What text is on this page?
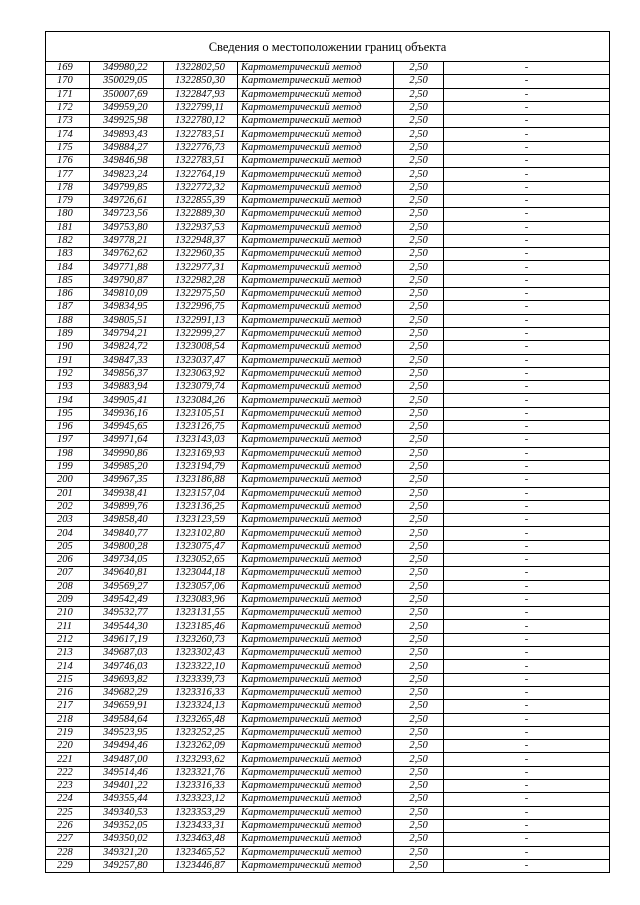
Сведения о местоположении границ объекта					
169	349980,22	1322802,50	Картометрический метод	2,50	-
170	350029,05	1322850,30	Картометрический метод	2,50	-
171	350007,69	1322847,93	Картометрический метод	2,50	-
172	349959,20	1322799,11	Картометрический метод	2,50	-
173	349925,98	1322780,12	Картометрический метод	2,50	-
174	349893,43	1322783,51	Картометрический метод	2,50	-
175	349884,27	1322776,73	Картометрический метод	2,50	-
176	349846,98	1322783,51	Картометрический метод	2,50	-
177	349823,24	1322764,19	Картометрический метод	2,50	-
178	349799,85	1322772,32	Картометрический метод	2,50	-
179	349726,61	1322855,39	Картометрический метод	2,50	-
180	349723,56	1322889,30	Картометрический метод	2,50	-
181	349753,80	1322937,53	Картометрический метод	2,50	-
182	349778,21	1322948,37	Картометрический метод	2,50	-
183	349762,62	1322960,35	Картометрический метод	2,50	-
184	349771,88	1322977,31	Картометрический метод	2,50	-
185	349790,87	1322982,28	Картометрический метод	2,50	-
186	349810,09	1322975,50	Картометрический метод	2,50	-
187	349834,95	1322996,75	Картометрический метод	2,50	-
188	349805,51	1322991,13	Картометрический метод	2,50	-
189	349794,21	1322999,27	Картометрический метод	2,50	-
190	349824,72	1323008,54	Картометрический метод	2,50	-
191	349847,33	1323037,47	Картометрический метод	2,50	-
192	349856,37	1323063,92	Картометрический метод	2,50	-
193	349883,94	1323079,74	Картометрический метод	2,50	-
194	349905,41	1323084,26	Картометрический метод	2,50	-
195	349936,16	1323105,51	Картометрический метод	2,50	-
196	349945,65	1323126,75	Картометрический метод	2,50	-
197	349971,64	1323143,03	Картометрический метод	2,50	-
198	349990,86	1323169,93	Картометрический метод	2,50	-
199	349985,20	1323194,79	Картометрический метод	2,50	-
200	349967,35	1323186,88	Картометрический метод	2,50	-
201	349938,41	1323157,04	Картометрический метод	2,50	-
202	349899,76	1323136,25	Картометрический метод	2,50	-
203	349858,40	1323123,59	Картометрический метод	2,50	-
204	349840,77	1323102,80	Картометрический метод	2,50	-
205	349800,28	1323075,47	Картометрический метод	2,50	-
206	349734,05	1323052,65	Картометрический метод	2,50	-
207	349640,81	1323044,18	Картометрический метод	2,50	-
208	349569,27	1323057,06	Картометрический метод	2,50	-
209	349542,49	1323083,96	Картометрический метод	2,50	-
210	349532,77	1323131,55	Картометрический метод	2,50	-
211	349544,30	1323185,46	Картометрический метод	2,50	-
212	349617,19	1323260,73	Картометрический метод	2,50	-
213	349687,03	1323302,43	Картометрический метод	2,50	-
214	349746,03	1323322,10	Картометрический метод	2,50	-
215	349693,82	1323339,73	Картометрический метод	2,50	-
216	349682,29	1323316,33	Картометрический метод	2,50	-
217	349659,91	1323324,13	Картометрический метод	2,50	-
218	349584,64	1323265,48	Картометрический метод	2,50	-
219	349523,95	1323252,25	Картометрический метод	2,50	-
220	349494,46	1323262,09	Картометрический метод	2,50	-
221	349487,00	1323293,62	Картометрический метод	2,50	-
222	349514,46	1323321,76	Картометрический метод	2,50	-
223	349401,22	1323316,33	Картометрический метод	2,50	-
224	349355,44	1323323,12	Картометрический метод	2,50	-
225	349340,53	1323353,29	Картометрический метод	2,50	-
226	349352,05	1323433,31	Картометрический метод	2,50	-
227	349350,02	1323463,48	Картометрический метод	2,50	-
228	349321,20	1323465,52	Картометрический метод	2,50	-
229	349257,80	1323446,87	Картометрический метод	2,50	-
